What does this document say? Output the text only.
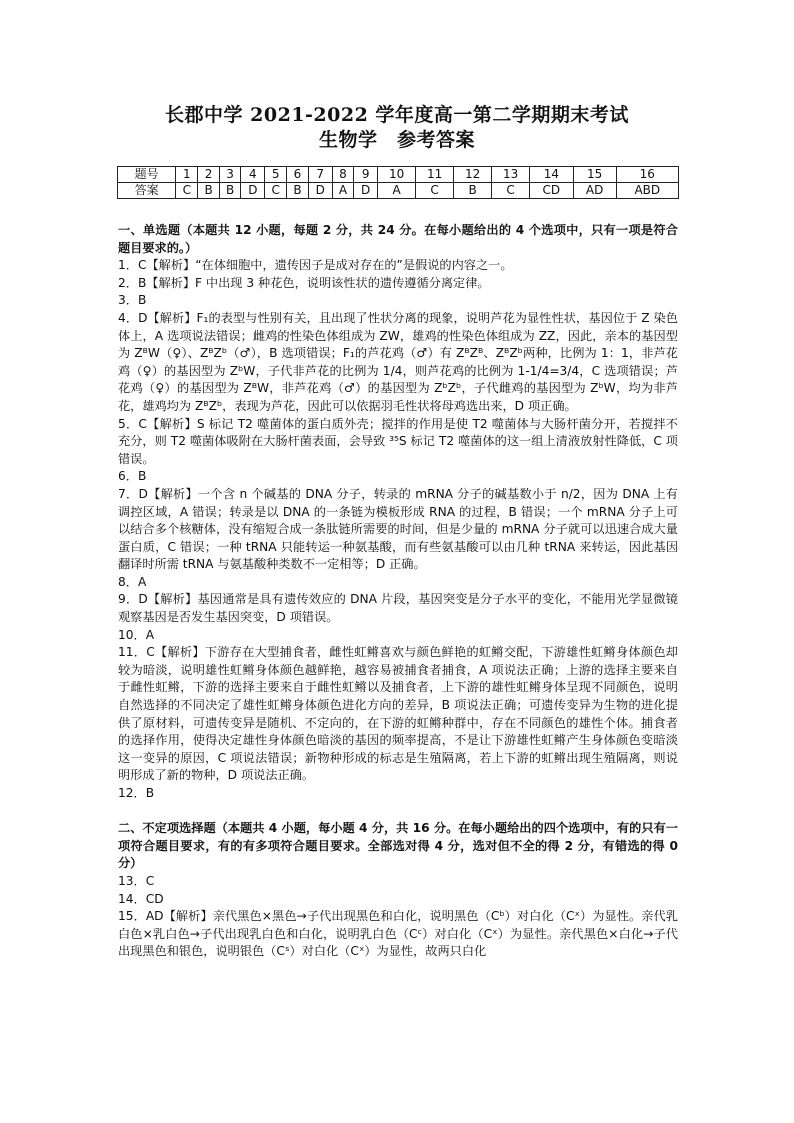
长郡中学 2021-2022 学年度高一第二学期期末考试
生物学　参考答案
题号	1	2	3	4	5	6	7	8	9	10	11	12	13	14	15	16
答案	C	B	B	D	C	B	D	A	D	A	C	B	C	CD	AD	ABD

一、单选题（本题共 12 小题，每题 2 分，共 24 分。在每小题给出的 4 个选项中，只有一项是符合题目要求的。）

1．C【解析】“在体细胞中，遗传因子是成对存在的”是假说的内容之一。

2．B【解析】F 中出现 3 种花色，说明该性状的遗传遵循分离定律。

3．B

4．D【解析】F₁的表型与性别有关，且出现了性状分离的现象，说明芦花为显性性状，基因位于 Z 染色体上，A 选项说法错误；雌鸡的性染色体组成为 ZW，雄鸡的性染色体组成为 ZZ，因此，亲本的基因型为 ZᴮW（♀）、ZᴮZᵇ（♂），B 选项错误；F₁的芦花鸡（♂）有 ZᴮZᴮ、ZᴮZᵇ两种，比例为 1：1，非芦花鸡（♀）的基因型为 ZᵇW，子代非芦花的比例为 1/4，则芦花鸡的比例为 1-1/4=3/4，C 选项错误；芦花鸡（♀）的基因型为 ZᴮW，非芦花鸡（♂）的基因型为 ZᵇZᵇ，子代雌鸡的基因型为 ZᵇW，均为非芦花，雄鸡均为 ZᴮZᵇ，表现为芦花，因此可以依据羽毛性状将母鸡选出来，D 项正确。

5．C【解析】S 标记 T2 噬菌体的蛋白质外壳；搅拌的作用是使 T2 噬菌体与大肠杆菌分开，若搅拌不充分，则 T2 噬菌体吸附在大肠杆菌表面，会导致 ³⁵S 标记 T2 噬菌体的这一组上清液放射性降低，C 项错误。

6．B

7．D【解析】一个含 n 个碱基的 DNA 分子，转录的 mRNA 分子的碱基数小于 n/2，因为 DNA 上有调控区域，A 错误；转录是以 DNA 的一条链为模板形成 RNA 的过程，B 错误；一个 mRNA 分子上可以结合多个核糖体，没有缩短合成一条肽链所需要的时间，但是少量的 mRNA 分子就可以迅速合成大量蛋白质，C 错误；一种 tRNA 只能转运一种氨基酸，而有些氨基酸可以由几种 tRNA 来转运，因此基因翻译时所需 tRNA 与氨基酸种类数不一定相等；D 正确。

8．A

9．D【解析】基因通常是具有遗传效应的 DNA 片段，基因突变是分子水平的变化，不能用光学显微镜观察基因是否发生基因突变，D 项错误。

10．A

11．C【解析】下游存在大型捕食者，雌性虹鳉喜欢与颜色鲜艳的虹鳉交配，下游雄性虹鳉身体颜色却较为暗淡，说明雄性虹鳉身体颜色越鲜艳，越容易被捕食者捕食，A 项说法正确；上游的选择主要来自于雌性虹鳉，下游的选择主要来自于雌性虹鳉以及捕食者，上下游的雄性虹鳉身体呈现不同颜色，说明自然选择的不同决定了雄性虹鳉身体颜色进化方向的差异，B 项说法正确；可遗传变异为生物的进化提供了原材料，可遗传变异是随机、不定向的，在下游的虹鳉种群中，存在不同颜色的雄性个体。捕食者的选择作用，使得决定雄性身体颜色暗淡的基因的频率提高，不是让下游雄性虹鳉产生身体颜色变暗淡这一变异的原因，C 项说法错误；新物种形成的标志是生殖隔离，若上下游的虹鳉出现生殖隔离，则说明形成了新的物种，D 项说法正确。

12．B

二、不定项选择题（本题共 4 小题，每小题 4 分，共 16 分。在每小题给出的四个选项中，有的只有一项符合题目要求，有的有多项符合题目要求。全部选对得 4 分，选对但不全的得 2 分，有错选的得 0 分）

13．C

14．CD

15．AD【解析】亲代黑色×黑色→子代出现黑色和白化，说明黑色（Cᵇ）对白化（Cˣ）为显性。亲代乳白色×乳白色→子代出现乳白色和白化，说明乳白色（Cᶜ）对白化（Cˣ）为显性。亲代黑色×白化→子代出现黑色和银色，说明银色（Cˢ）对白化（Cˣ）为显性，故两只白化
